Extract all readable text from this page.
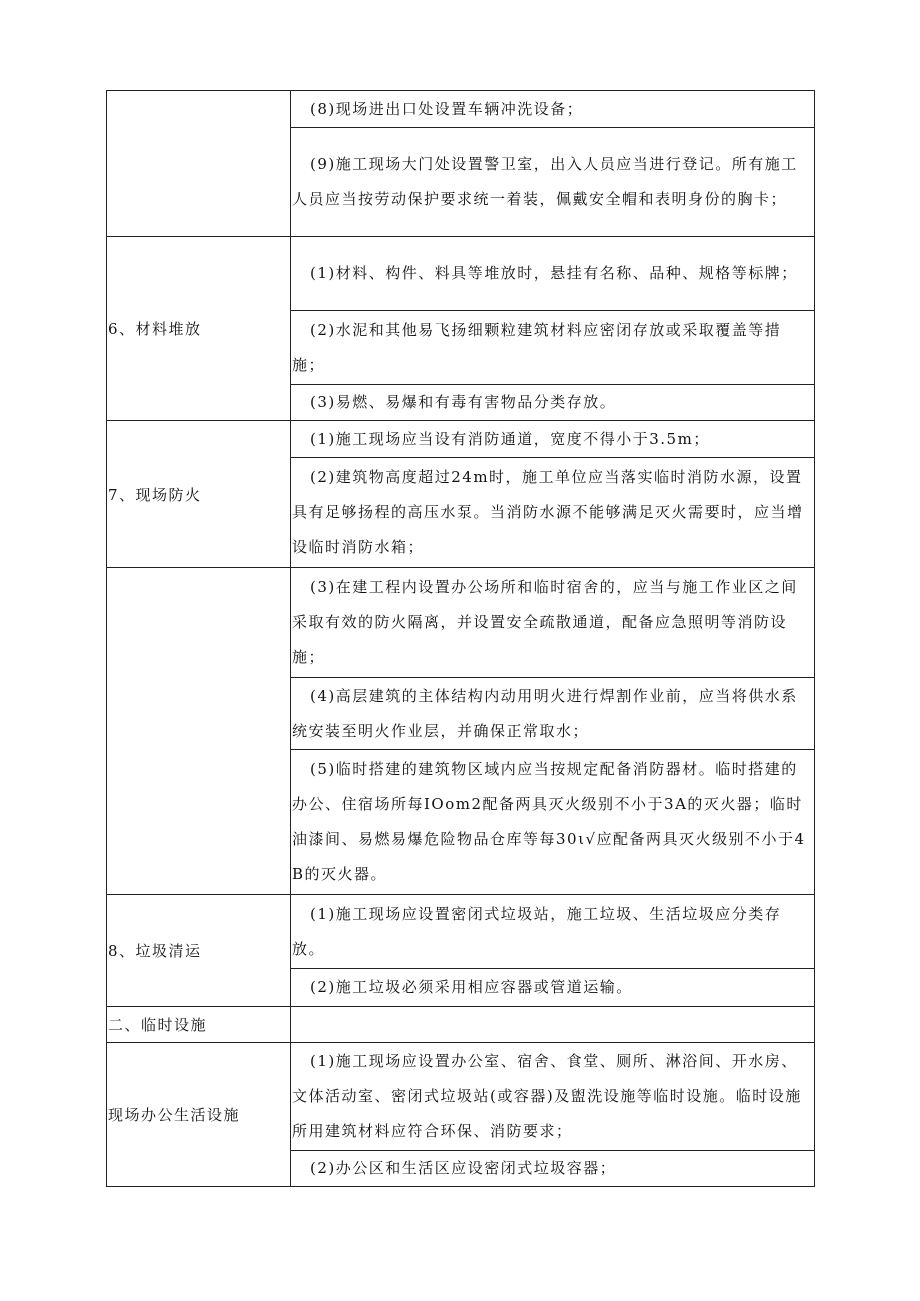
	(8)现场进出口处设置车辆冲洗设备；

	(9)施工现场大门处设置警卫室，出入人员应当进行登记。所有施工人员应当按劳动保护要求统一着装，佩戴安全帽和表明身份的胸卡；

6、材料堆放	(1)材料、构件、料具等堆放时，悬挂有名称、品种、规格等标牌；

	(2)水泥和其他易飞扬细颗粒建筑材料应密闭存放或采取覆盖等措施；

	(3)易燃、易爆和有毒有害物品分类存放。

7、现场防火	(1)施工现场应当设有消防通道，宽度不得小于3.5m；

	(2)建筑物高度超过24m时，施工单位应当落实临时消防水源，设置具有足够扬程的高压水泵。当消防水源不能够满足灭火需要时，应当增设临时消防水箱；

	(3)在建工程内设置办公场所和临时宿舍的，应当与施工作业区之间采取有效的防火隔离，并设置安全疏散通道，配备应急照明等消防设施；

	(4)高层建筑的主体结构内动用明火进行焊割作业前，应当将供水系统安装至明火作业层，并确保正常取水；

	(5)临时搭建的建筑物区域内应当按规定配备消防器材。临时搭建的办公、住宿场所每IOom2配备两具灭火级别不小于3A的灭火器；临时油漆间、易燃易爆危险物品仓库等每30ι√应配备两具灭火级别不小于4B的灭火器。

8、垃圾清运	(1)施工现场应设置密闭式垃圾站，施工垃圾、生活垃圾应分类存放。

	(2)施工垃圾必须采用相应容器或管道运输。

二、临时设施	
现场办公生活设施	(1)施工现场应设置办公室、宿舍、食堂、厕所、淋浴间、开水房、文体活动室、密闭式垃圾站(或容器)及盥洗设施等临时设施。临时设施所用建筑材料应符合环保、消防要求；

	(2)办公区和生活区应设密闭式垃圾容器；
